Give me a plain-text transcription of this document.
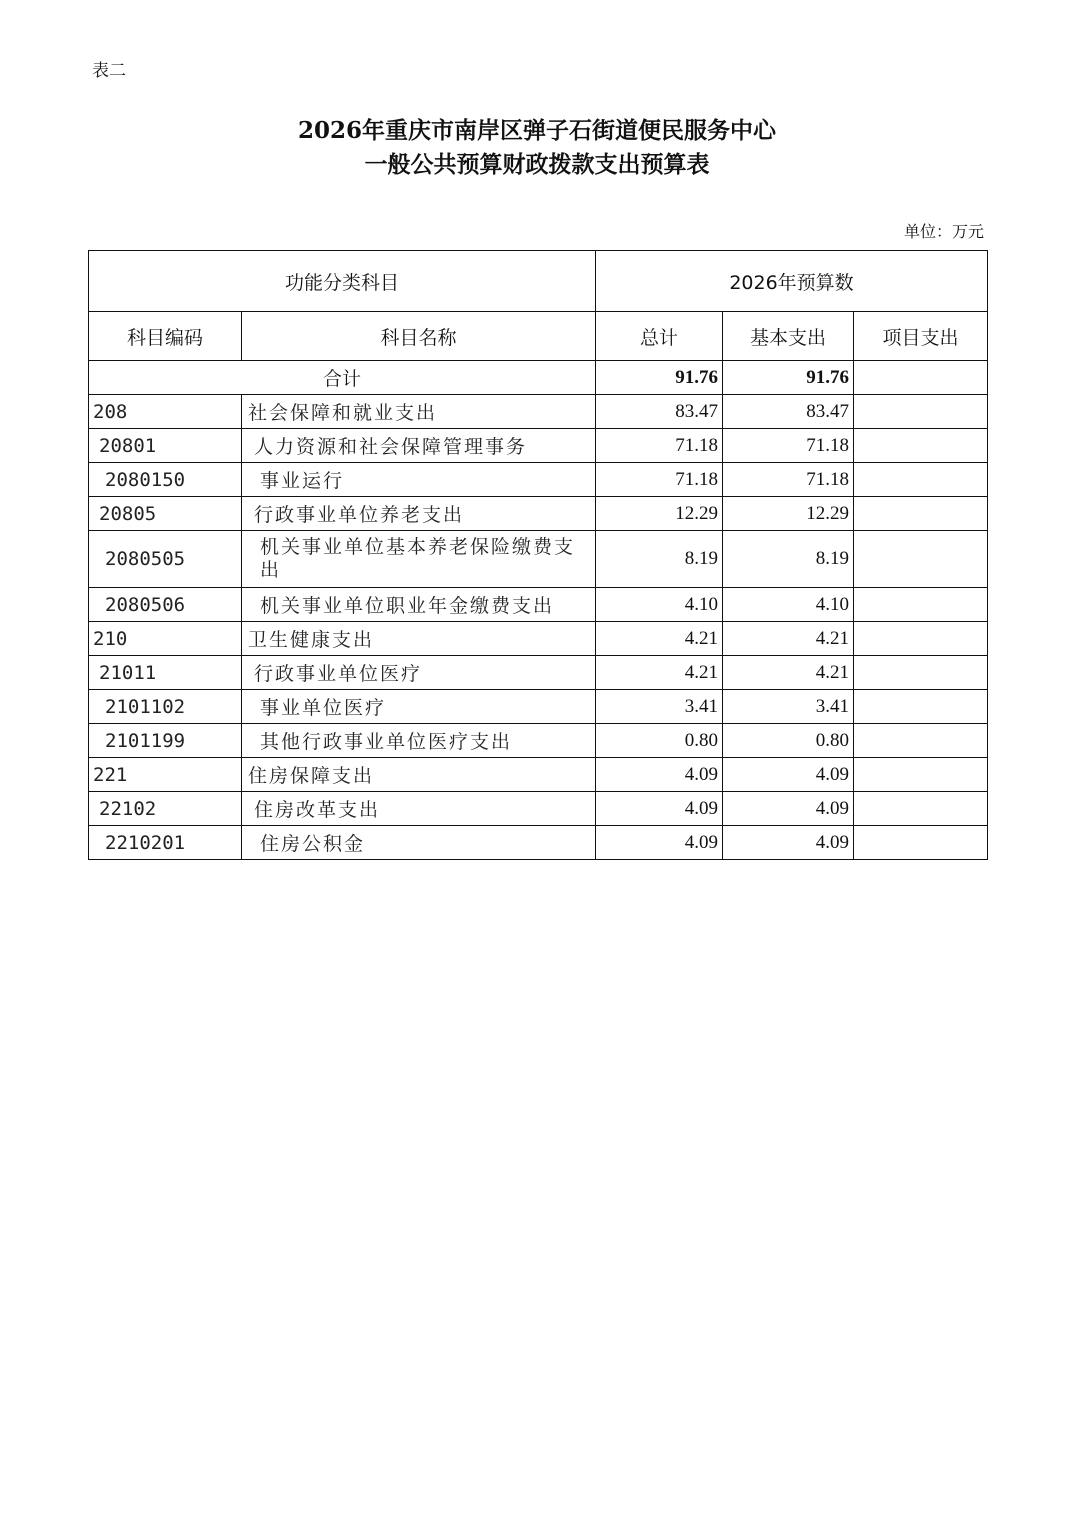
表二
2026年重庆市南岸区弹子石街道便民服务中心
一般公共预算财政拨款支出预算表
单位：万元
功能分类科目		2026年预算数		
科目编码	科目名称	总计	基本支出	项目支出
合计		91.76	91.76	
208	社会保障和就业支出	83.47	83.47	
20801	人力资源和社会保障管理事务	71.18	71.18	
2080150	事业运行	71.18	71.18	
20805	行政事业单位养老支出	12.29	12.29	
2080505	机关事业单位基本养老保险缴费支出	8.19	8.19	
2080506	机关事业单位职业年金缴费支出	4.10	4.10	
210	卫生健康支出	4.21	4.21	
21011	行政事业单位医疗	4.21	4.21	
2101102	事业单位医疗	3.41	3.41	
2101199	其他行政事业单位医疗支出	0.80	0.80	
221	住房保障支出	4.09	4.09	
22102	住房改革支出	4.09	4.09	
2210201	住房公积金	4.09	4.09	
